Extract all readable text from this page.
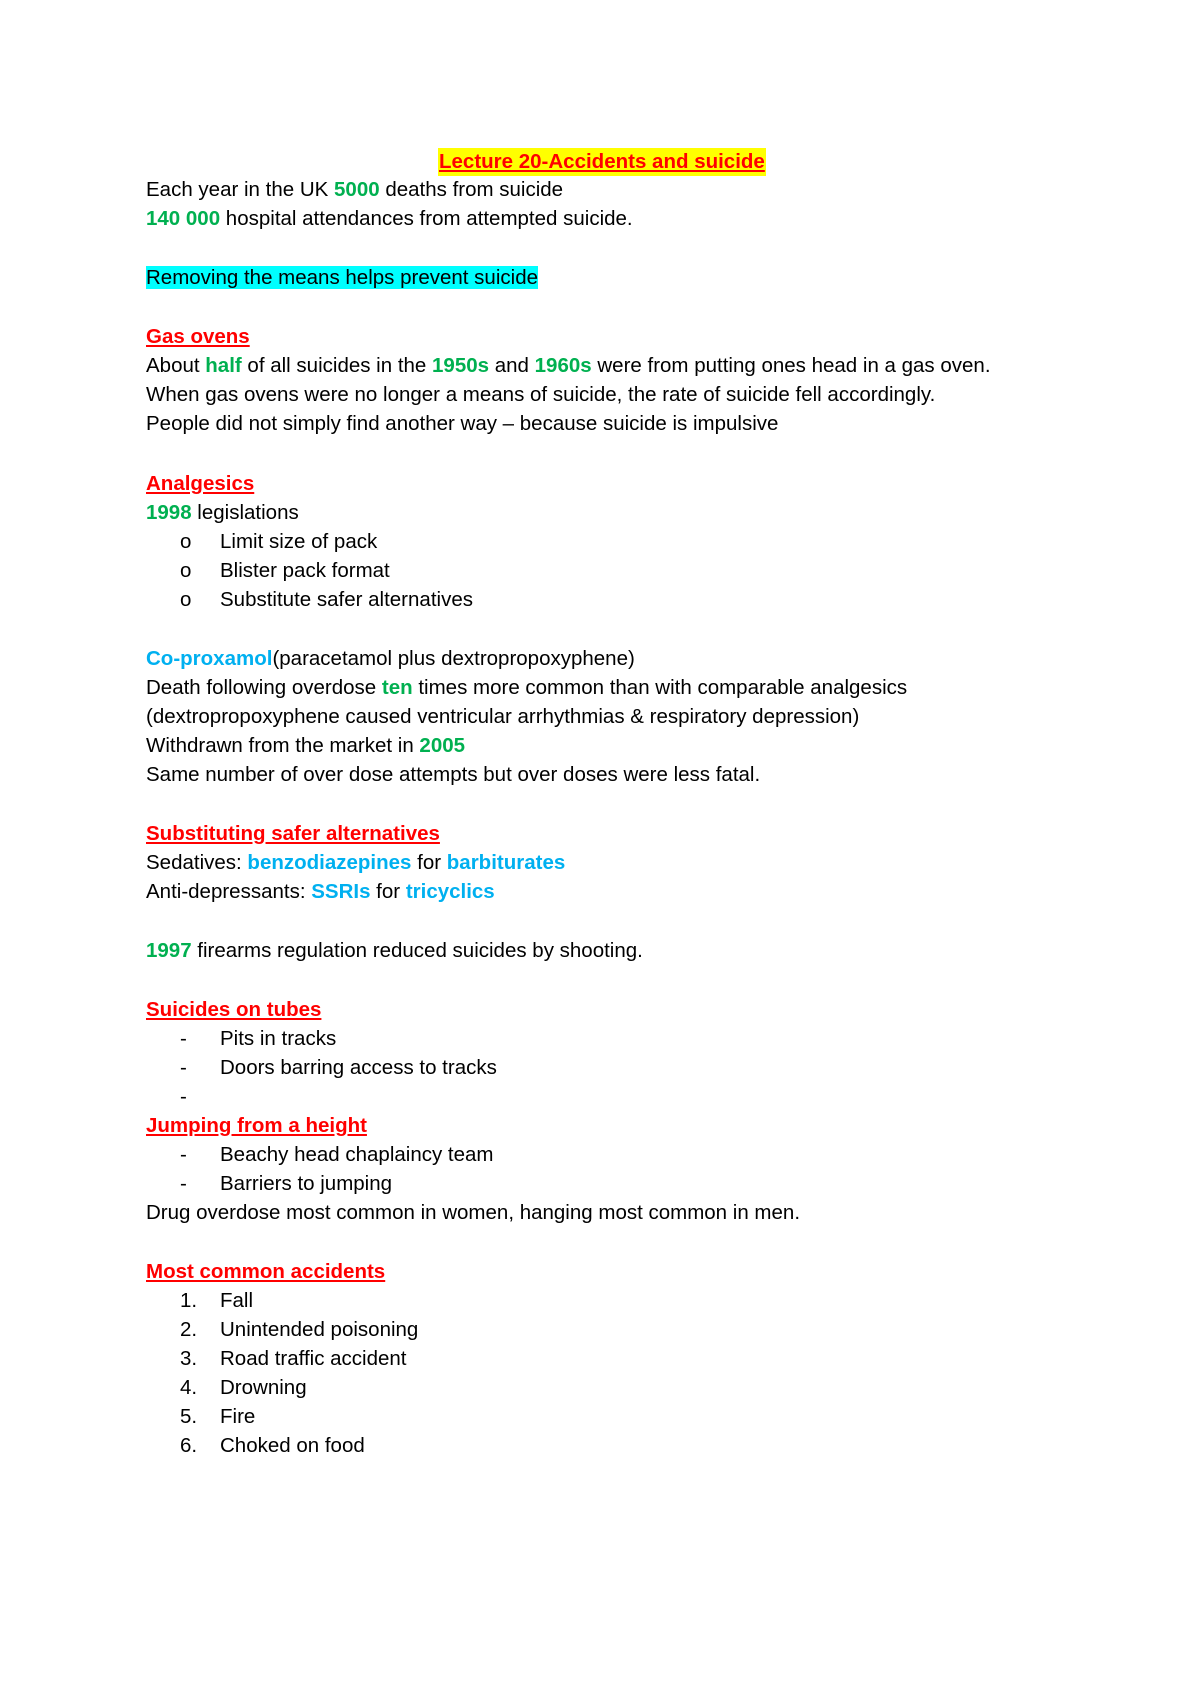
Lecture 20-Accidents and suicide
Each year in the UK 5000 deaths from suicide
140 000 hospital attendances from attempted suicide.
Removing the means helps prevent suicide
Gas ovens
About half of all suicides in the 1950s and 1960s were from putting ones head in a gas oven.
When gas ovens were no longer a means of suicide, the rate of suicide fell accordingly.
People did not simply find another way – because suicide is impulsive
Analgesics
1998 legislations
o Limit size of pack
o Blister pack format
o Substitute safer alternatives
Co-proxamol(paracetamol plus dextropropoxyphene)
Death following overdose ten times more common than with comparable analgesics
(dextropropoxyphene caused ventricular arrhythmias & respiratory depression)
Withdrawn from the market in 2005
Same number of over dose attempts but over doses were less fatal.
Substituting safer alternatives
Sedatives: benzodiazepines for barbiturates
Anti-depressants: SSRIs for tricyclics
1997 firearms regulation reduced suicides by shooting.
Suicides on tubes
- Pits in tracks
- Doors barring access to tracks
-
Jumping from a height
- Beachy head chaplaincy team
- Barriers to jumping
Drug overdose most common in women, hanging most common in men.
Most common accidents
1. Fall
2. Unintended poisoning
3. Road traffic accident
4. Drowning
5. Fire
6. Choked on food
